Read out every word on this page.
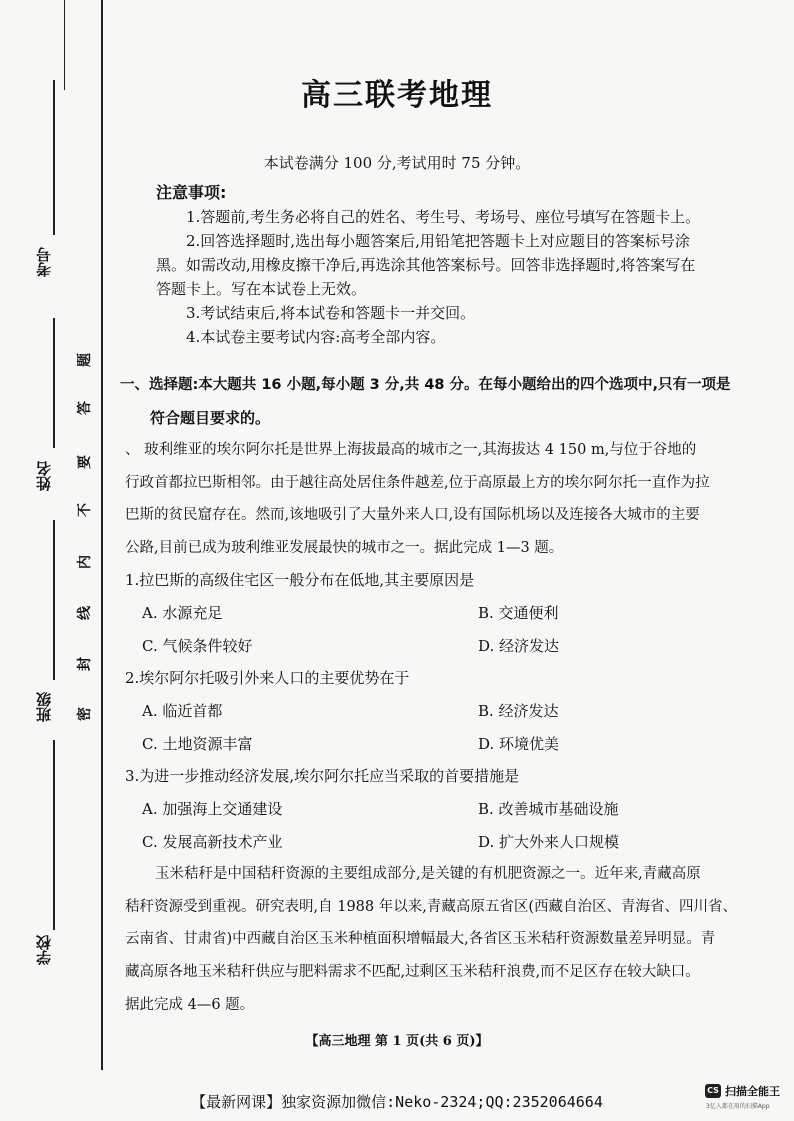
考号
姓名
班级
学校
题
答
要
不
内
线
封
密
高三联考地理
本试卷满分 100 分,考试用时 75 分钟。
注意事项:
1.答题前,考生务必将自己的姓名、考生号、考场号、座位号填写在答题卡上。
2.回答选择题时,选出每小题答案后,用铅笔把答题卡上对应题目的答案标号涂
黑。如需改动,用橡皮擦干净后,再选涂其他答案标号。回答非选择题时,将答案写在
答题卡上。写在本试卷上无效。
3.考试结束后,将本试卷和答题卡一并交回。
4.本试卷主要考试内容:高考全部内容。
一、选择题:本大题共 16 小题,每小题 3 分,共 48 分。在每小题给出的四个选项中,只有一项是
符合题目要求的。
、 玻利维亚的埃尔阿尔托是世界上海拔最高的城市之一,其海拔达 4 150 m,与位于谷地的
行政首都拉巴斯相邻。由于越往高处居住条件越差,位于高原最上方的埃尔阿尔托一直作为拉
巴斯的贫民窟存在。然而,该地吸引了大量外来人口,设有国际机场以及连接各大城市的主要
公路,目前已成为玻利维亚发展最快的城市之一。据此完成 1—3 题。
1.拉巴斯的高级住宅区一般分布在低地,其主要原因是
A. 水源充足	B. 交通便利
C. 气候条件较好	D. 经济发达
2.埃尔阿尔托吸引外来人口的主要优势在于
A. 临近首都	B. 经济发达
C. 土地资源丰富	D. 环境优美
3.为进一步推动经济发展,埃尔阿尔托应当采取的首要措施是
A. 加强海上交通建设	B. 改善城市基础设施
C. 发展高新技术产业	D. 扩大外来人口规模
玉米秸秆是中国秸秆资源的主要组成部分,是关键的有机肥资源之一。近年来,青藏高原
秸秆资源受到重视。研究表明,自 1988 年以来,青藏高原五省区(西藏自治区、青海省、四川省、
云南省、甘肃省)中西藏自治区玉米种植面积增幅最大,各省区玉米秸秆资源数量差异明显。青
藏高原各地玉米秸秆供应与肥料需求不匹配,过剩区玉米秸秆浪费,而不足区存在较大缺口。
据此完成 4—6 题。
【高三地理 第 1 页(共 6 页)】
【最新网课】独家资源加微信:Neko-2324;QQ:2352064664
CS 扫描全能王
3亿人都在用的扫描App
